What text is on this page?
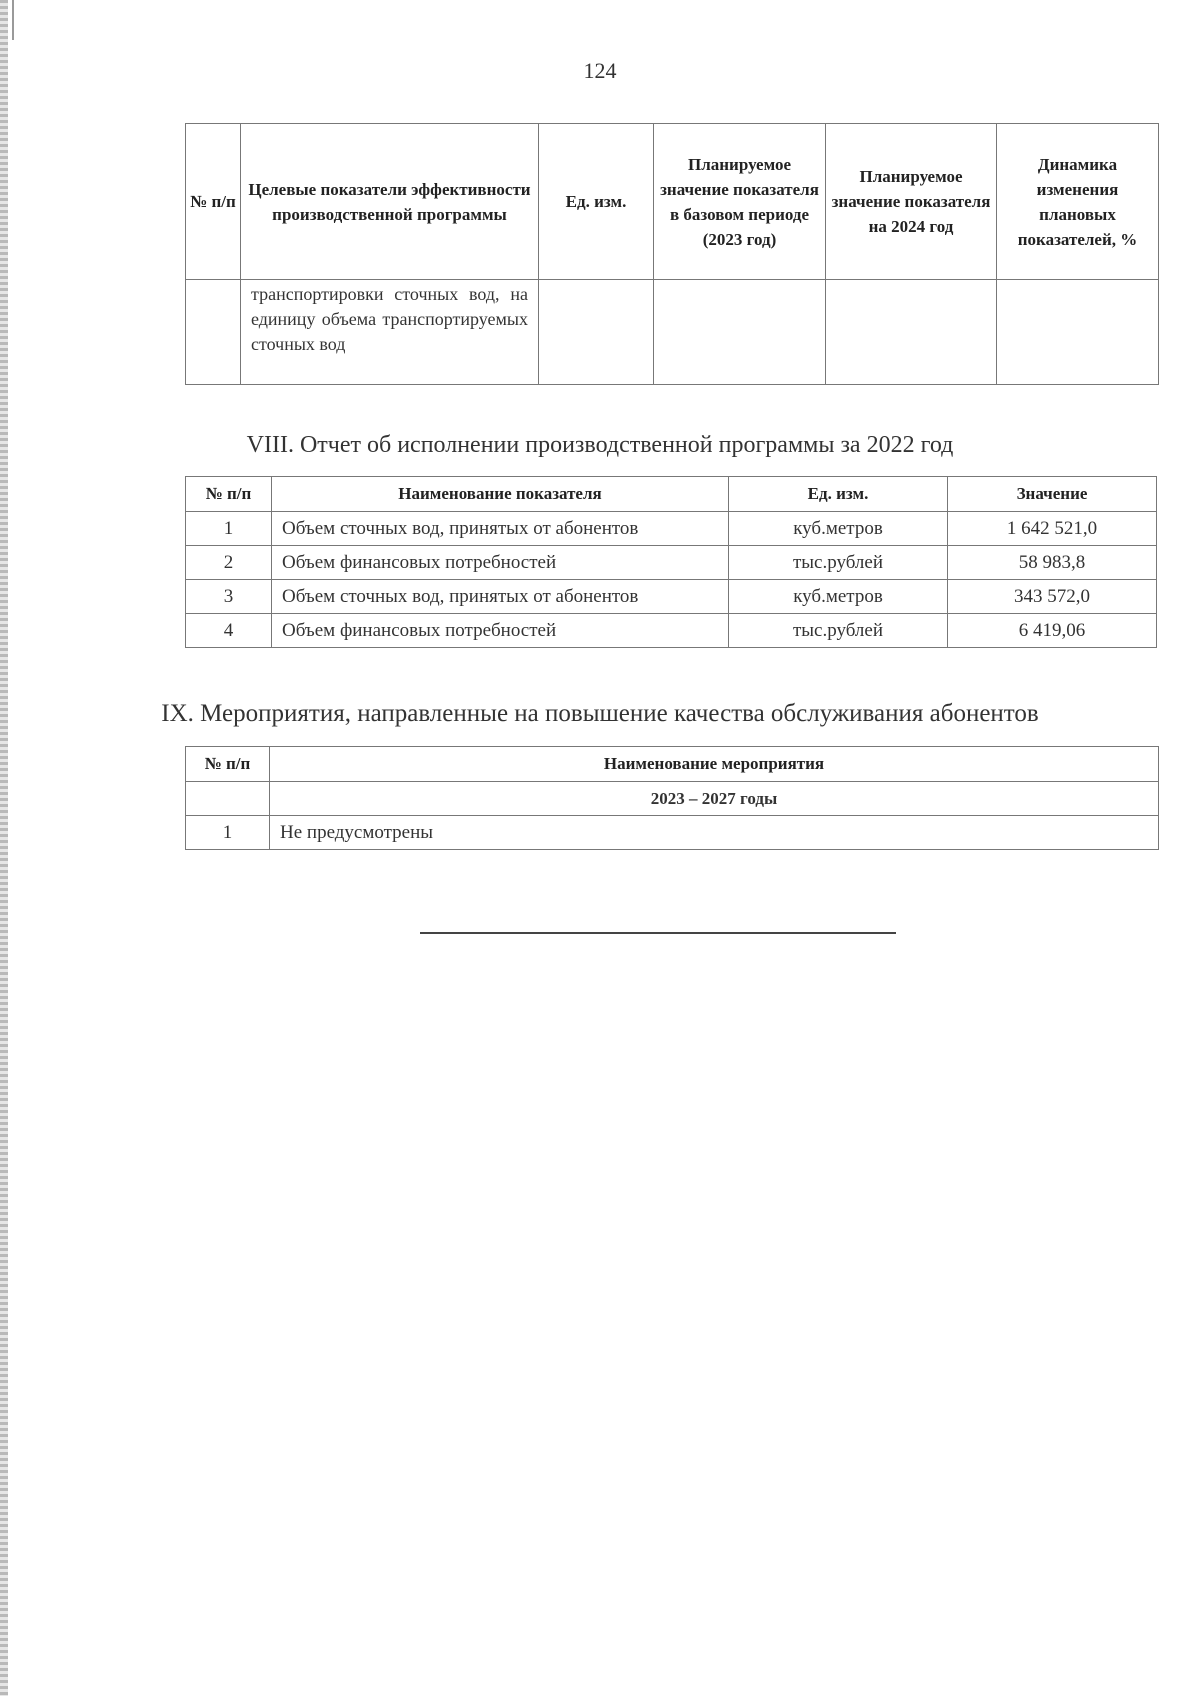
124
№ п/п	Целевые показатели эффективности производственной программы	Ед. изм.	Планируемое значение показателя в базовом периоде (2023 год)	Планируемое значение показателя на 2024 год	Динамика изменения плановых показателей, %
	транспортировки сточных вод, на единицу объема транспортируемых сточных вод				
VIII. Отчет об исполнении производственной программы за 2022 год
№ п/п	Наименование показателя	Ед. изм.	Значение
1	Объем сточных вод, принятых от абонентов	куб.метров	1 642 521,0
2	Объем финансовых потребностей	тыс.рублей	58 983,8
3	Объем сточных вод, принятых от абонентов	куб.метров	343 572,0
4	Объем финансовых потребностей	тыс.рублей	6 419,06
IX. Мероприятия, направленные на повышение качества обслуживания абонентов
№ п/п	Наименование мероприятия
	2023 – 2027 годы
1	Не предусмотрены
